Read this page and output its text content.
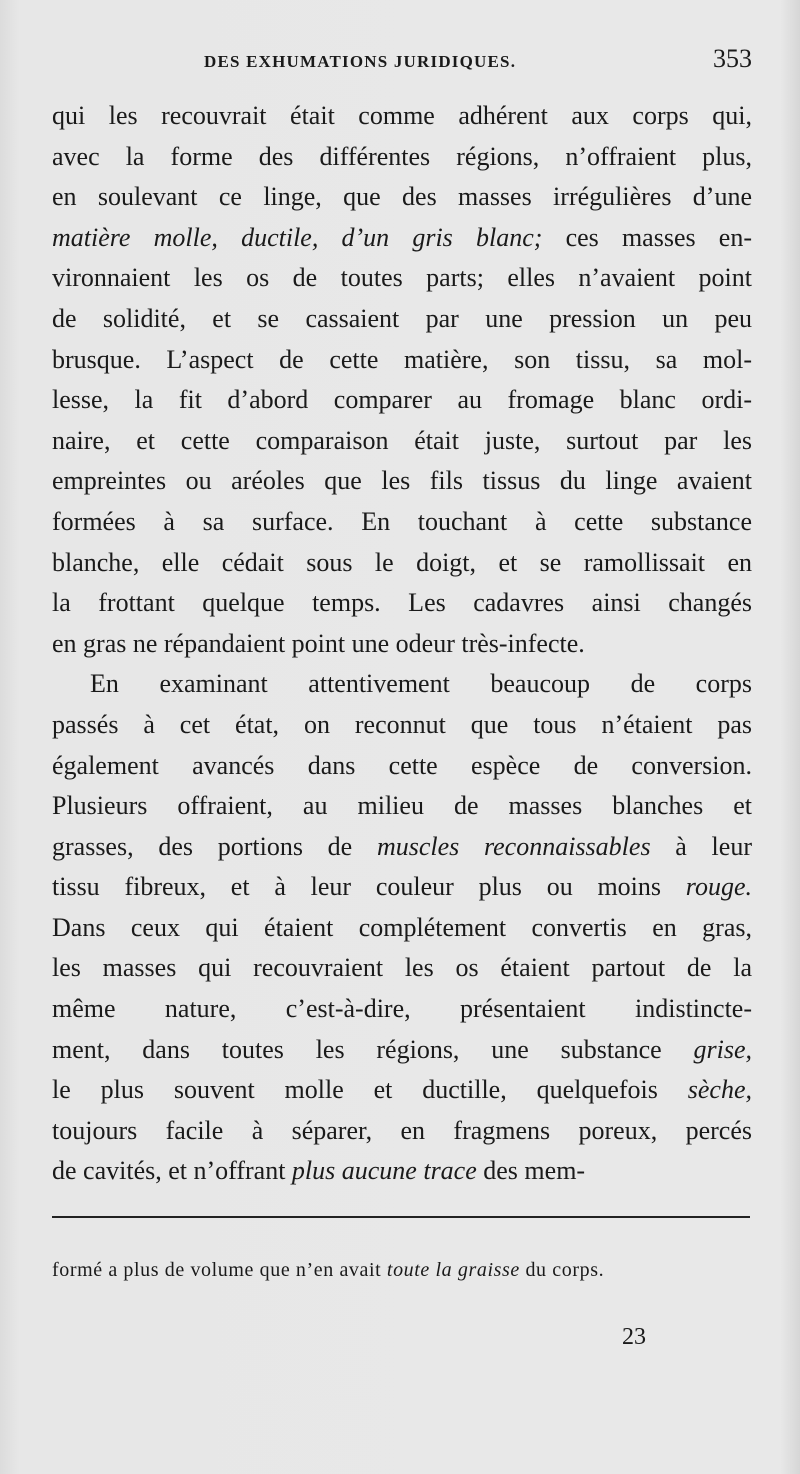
DES EXHUMATIONS JURIDIQUES.	353
qui les recouvrait était comme adhérent aux corps qui,
avec la forme des différentes régions, n’offraient plus,
en soulevant ce linge, que des masses irrégulières d’une
matière molle, ductile, d’un gris blanc; ces masses en-
vironnaient les os de toutes parts; elles n’avaient point
de solidité, et se cassaient par une pression un peu
brusque. L’aspect de cette matière, son tissu, sa mol-
lesse, la fit d’abord comparer au fromage blanc ordi-
naire, et cette comparaison était juste, surtout par les
empreintes ou aréoles que les fils tissus du linge avaient
formées à sa surface. En touchant à cette substance
blanche, elle cédait sous le doigt, et se ramollissait en
la frottant quelque temps. Les cadavres ainsi changés
en gras ne répandaient point une odeur très-infecte.
En examinant attentivement beaucoup de corps
passés à cet état, on reconnut que tous n’étaient pas
également avancés dans cette espèce de conversion.
Plusieurs offraient, au milieu de masses blanches et
grasses, des portions de muscles reconnaissables à leur
tissu fibreux, et à leur couleur plus ou moins rouge.
Dans ceux qui étaient complétement convertis en gras,
les masses qui recouvraient les os étaient partout de la
même nature, c’est-à-dire, présentaient indistincte-
ment, dans toutes les régions, une substance grise,
le plus souvent molle et ductille, quelquefois sèche,
toujours facile à séparer, en fragmens poreux, percés
de cavités, et n’offrant plus aucune trace des mem-
formé a plus de volume que n’en avait toute la graisse du corps.
23
